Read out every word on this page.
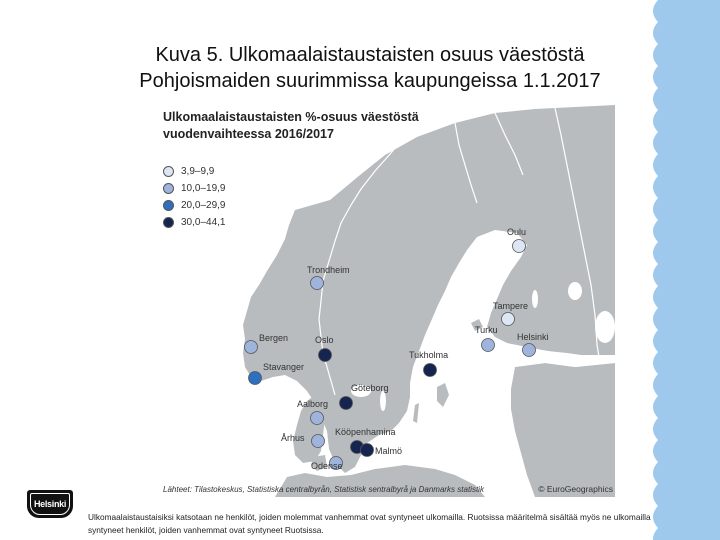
Kuva 5. Ulkomaalaistaustaisten osuus väestöstä
Pohjoismaiden suurimmissa kaupungeissa 1.1.2017
Ulkomaalaistaustaisten %-osuus väestöstä
vuodenvaihteessa 2016/2017
3,9–9,9
10,0–19,9
20,0–29,9
30,0–44,1
Oulu
Trondheim
Tampere
Turku
Helsinki
Bergen	Oslo
Stavanger
Tukholma
Göteborg
Aalborg
Århus
Kööpenhamina
Malmö
Odense
Lähteet: Tilastokeskus, Statistiska centralbyrån, Statistisk sentralbyrå ja Danmarks statistik	© EuroGeographics
Helsinki
Ulkomaalaistaustaisiksi katsotaan ne henkilöt, joiden molemmat vanhemmat ovat syntyneet ulkomailla. Ruotsissa määritelmä sisältää myös ne ulkomailla syntyneet henkilöt, joiden vanhemmat ovat syntyneet Ruotsissa.
